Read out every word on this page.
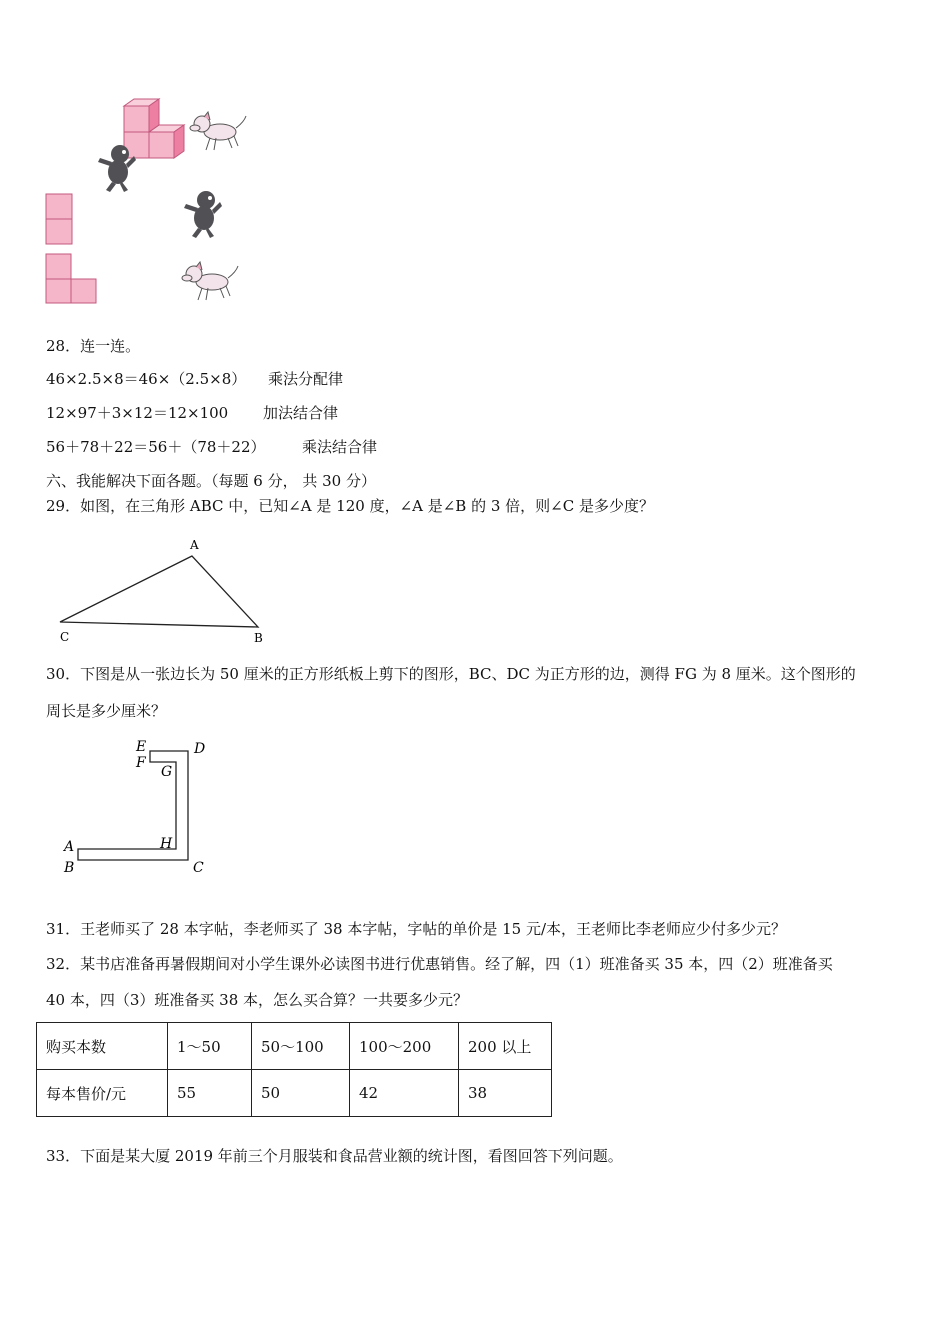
28．连一连。
46×2.5×8＝46×（2.5×8） 乘法分配律
12×97＋3×12＝12×100 加法结合律
56＋78＋22＝56＋（78＋22） 乘法结合律
六、我能解决下面各题。（每题 6 分， 共 30 分）
29．如图，在三角形 ABC 中，已知∠A 是 120 度，∠A 是∠B 的 3 倍，则∠C 是多少度？
A
C	B
30．下图是从一张边长为 50 厘米的正方形纸板上剪下的图形，BC、DC 为正方形的边，测得 FG 为 8 厘米。这个图形的
周长是多少厘米？
E
F
D
G
H
A
B	C
31．王老师买了 28 本字帖，李老师买了 38 本字帖，字帖的单价是 15 元/本，王老师比李老师应少付多少元？
32．某书店准备再暑假期间对小学生课外必读图书进行优惠销售。经了解，四（1）班准备买 35 本，四（2）班准备买
40 本，四（3）班准备买 38 本，怎么买合算？一共要多少元？
购买本数	1～50	50～100	100～200	200 以上
每本售价/元	55	50	42	38
33．下面是某大厦 2019 年前三个月服装和食品营业额的统计图，看图回答下列问题。
